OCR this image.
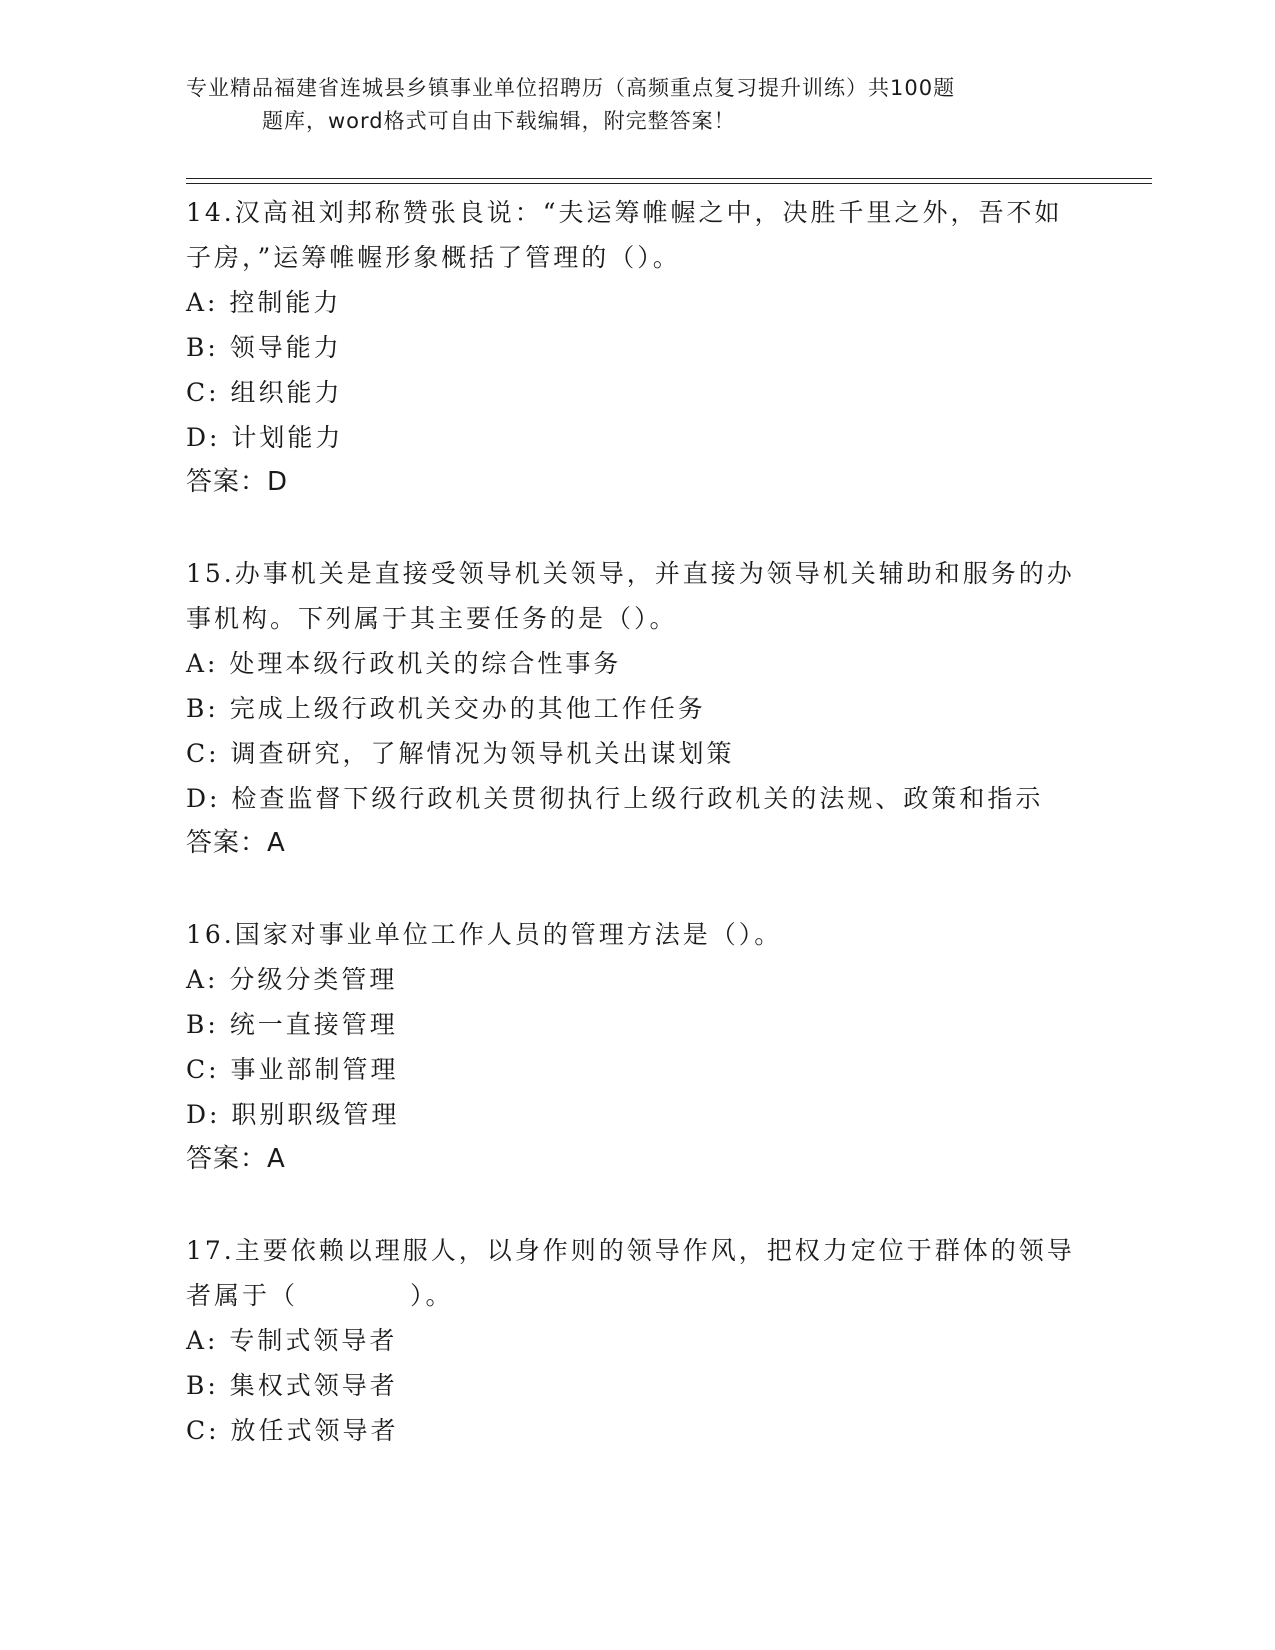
专业精品福建省连城县乡镇事业单位招聘历（高频重点复习提升训练）共100题
题库，word格式可自由下载编辑，附完整答案！

14.汉高祖刘邦称赞张良说：“夫运筹帷幄之中，决胜千里之外，吾不如子房，”运筹帷幄形象概括了管理的（）。

A: 控制能力

B: 领导能力

C: 组织能力

D: 计划能力

答案：D

15.办事机关是直接受领导机关领导，并直接为领导机关辅助和服务的办事机构。下列属于其主要任务的是（）。

A: 处理本级行政机关的综合性事务

B: 完成上级行政机关交办的其他工作任务

C: 调查研究，了解情况为领导机关出谋划策

D: 检查监督下级行政机关贯彻执行上级行政机关的法规、政策和指示

答案：A

16.国家对事业单位工作人员的管理方法是（）。

A: 分级分类管理

B: 统一直接管理

C: 事业部制管理

D: 职别职级管理

答案：A

17.主要依赖以理服人，以身作则的领导作风，把权力定位于群体的领导者属于（　　　　）。

A: 专制式领导者

B: 集权式领导者

C: 放任式领导者
